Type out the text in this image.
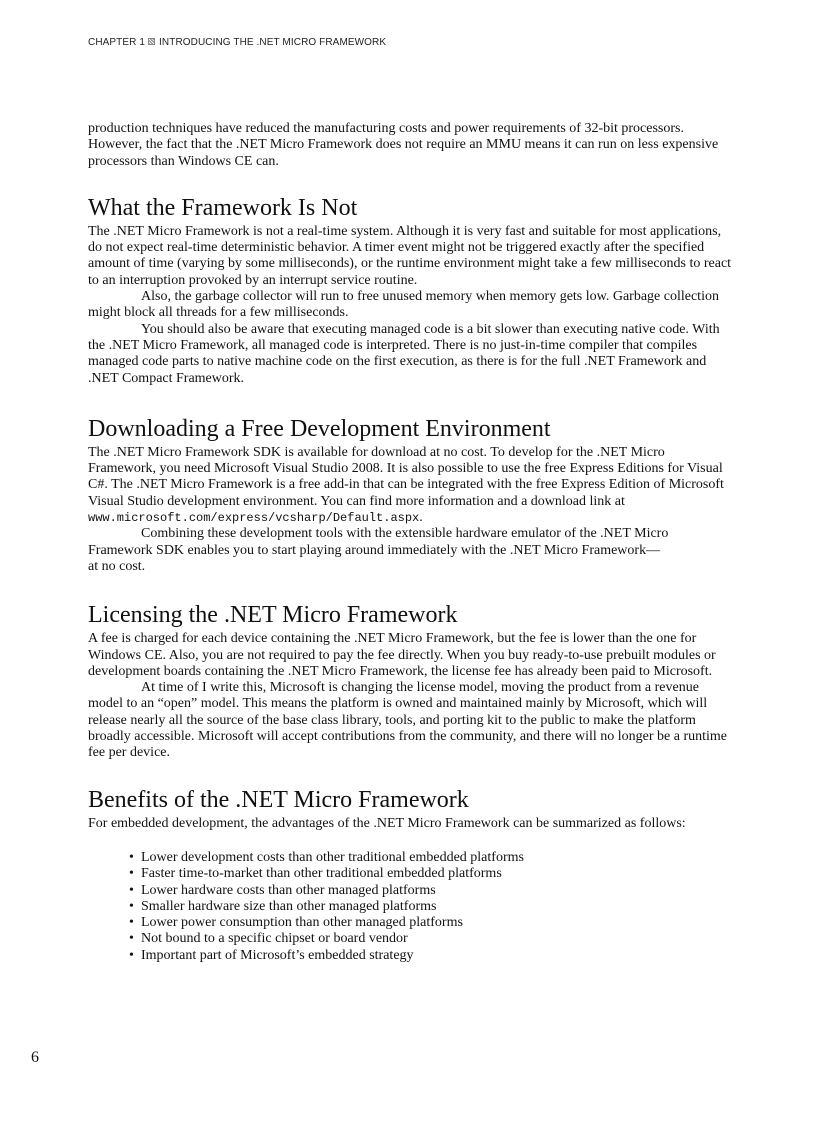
CHAPTER 1 INTRODUCING THE .NET MICRO FRAMEWORK

production techniques have reduced the manufacturing costs and power requirements of 32-bit processors. However, the fact that the .NET Micro Framework does not require an MMU means it can run on less expensive processors than Windows CE can.

What the Framework Is Not

The .NET Micro Framework is not a real-time system. Although it is very fast and suitable for most applications, do not expect real-time deterministic behavior. A timer event might not be triggered exactly after the specified amount of time (varying by some milliseconds), or the runtime environment might take a few milliseconds to react to an interruption provoked by an interrupt service routine.

Also, the garbage collector will run to free unused memory when memory gets low. Garbage collection might block all threads for a few milliseconds.

You should also be aware that executing managed code is a bit slower than executing native code. With the .NET Micro Framework, all managed code is interpreted. There is no just-in-time compiler that compiles managed code parts to native machine code on the first execution, as there is for the full .NET Framework and .NET Compact Framework.

Downloading a Free Development Environment

The .NET Micro Framework SDK is available for download at no cost. To develop for the .NET Micro Framework, you need Microsoft Visual Studio 2008. It is also possible to use the free Express Editions for Visual C#. The .NET Micro Framework is a free add-in that can be integrated with the free Express Edition of Microsoft Visual Studio development environment. You can find more information and a download link at www.microsoft.com/express/vcsharp/Default.aspx.

Combining these development tools with the extensible hardware emulator of the .NET Micro Framework SDK enables you to start playing around immediately with the .NET Micro Framework—
at no cost.

Licensing the .NET Micro Framework

A fee is charged for each device containing the .NET Micro Framework, but the fee is lower than the one for Windows CE. Also, you are not required to pay the fee directly. When you buy ready-to-use prebuilt modules or development boards containing the .NET Micro Framework, the license fee has already been paid to Microsoft.

At time of I write this, Microsoft is changing the license model, moving the product from a revenue model to an “open” model. This means the platform is owned and maintained mainly by Microsoft, which will release nearly all the source of the base class library, tools, and porting kit to the public to make the platform broadly accessible. Microsoft will accept contributions from the community, and there will no longer be a runtime fee per device.

Benefits of the .NET Micro Framework

For embedded development, the advantages of the .NET Micro Framework can be summarized as follows:

• Lower development costs than other traditional embedded platforms
• Faster time-to-market than other traditional embedded platforms
• Lower hardware costs than other managed platforms
• Smaller hardware size than other managed platforms
• Lower power consumption than other managed platforms
• Not bound to a specific chipset or board vendor
• Important part of Microsoft’s embedded strategy
6
